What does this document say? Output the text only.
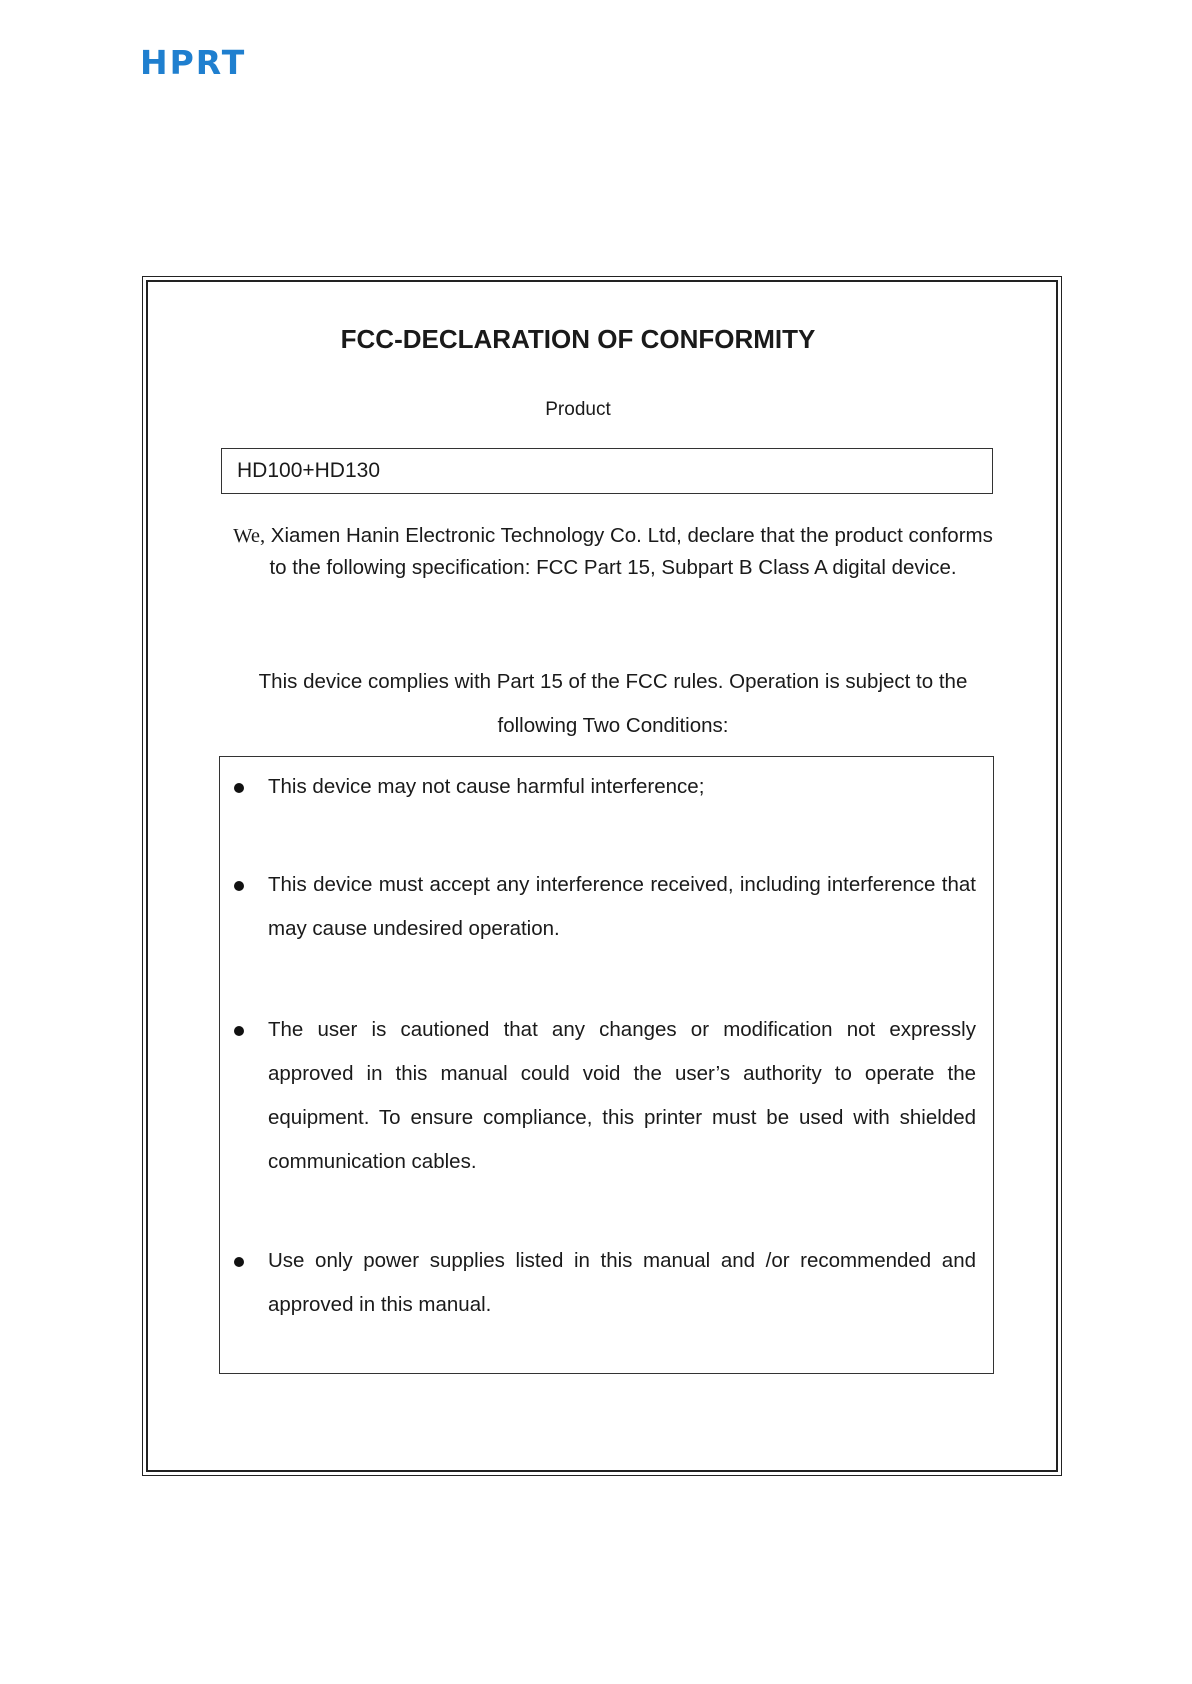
HPRT
FCC-DECLARATION OF CONFORMITY
Product
HD100+HD130
We, Xiamen Hanin Electronic Technology Co. Ltd, declare that the product conforms to the following specification: FCC Part 15, Subpart B Class A digital device.
This device complies with Part 15 of the FCC rules. Operation is subject to the following Two Conditions:
This device may not cause harmful interference;
This device must accept any interference received, including interference that may cause undesired operation.
The user is cautioned that any changes or modification not expressly approved in this manual could void the user’s authority to operate the equipment. To ensure compliance, this printer must be used with shielded communication cables.
Use only power supplies listed in this manual and /or recommended and approved in this manual.
